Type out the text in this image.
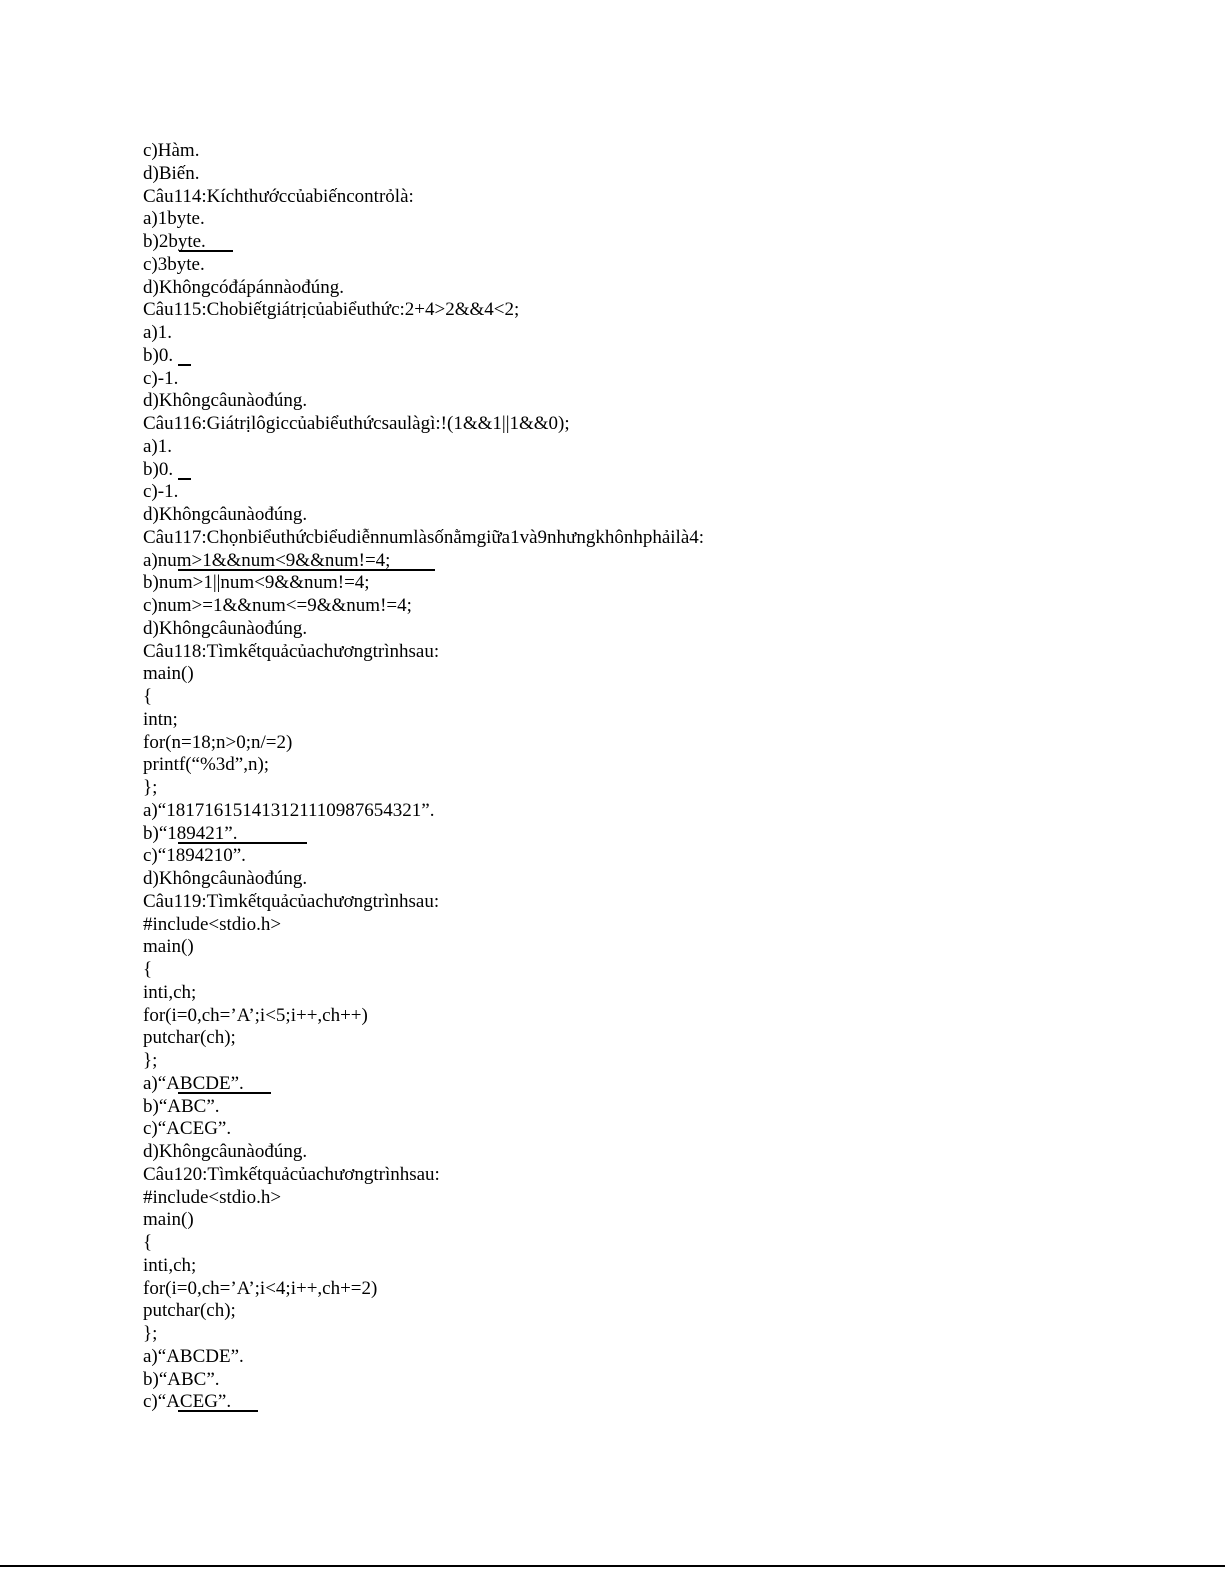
c)Hàm.
d)Biến.
Câu114:Kíchthướccủabiếncontrỏlà:
a)1byte.
b)2byte.
c)3byte.
d)Khôngcóđápánnàođúng.
Câu115:Chobiếtgiátrịcủabiểuthức:2+4>2&&4<2;
a)1.
b)0.
c)-1.
d)Khôngcâunàođúng.
Câu116:Giátrịlôgiccủabiểuthứcsaulàgì:!(1&&1||1&&0);
a)1.
b)0.
c)-1.
d)Khôngcâunàođúng.
Câu117:Chọnbiểuthứcbiểudiễnnumlàsốnằmgiữa1và9nhưngkhônhphảilà4:
a)num>1&&num<9&&num!=4;
b)num>1||num<9&&num!=4;
c)num>=1&&num<=9&&num!=4;
d)Khôngcâunàođúng.
Câu118:Tìmkếtquảcủachươngtrìnhsau:
main()
{
intn;
for(n=18;n>0;n/=2)
printf(“%3d”,n);
};
a)“181716151413121110987654321”.
b)“189421”.
c)“1894210”.
d)Khôngcâunàođúng.
Câu119:Tìmkếtquảcủachươngtrìnhsau:
#include<stdio.h>
main()
{
inti,ch;
for(i=0,ch=’A’;i<5;i++,ch++)
putchar(ch);
};
a)“ABCDE”.
b)“ABC”.
c)“ACEG”.
d)Khôngcâunàođúng.
Câu120:Tìmkếtquảcủachươngtrìnhsau:
#include<stdio.h>
main()
{
inti,ch;
for(i=0,ch=’A’;i<4;i++,ch+=2)
putchar(ch);
};
a)“ABCDE”.
b)“ABC”.
c)“ACEG”.
